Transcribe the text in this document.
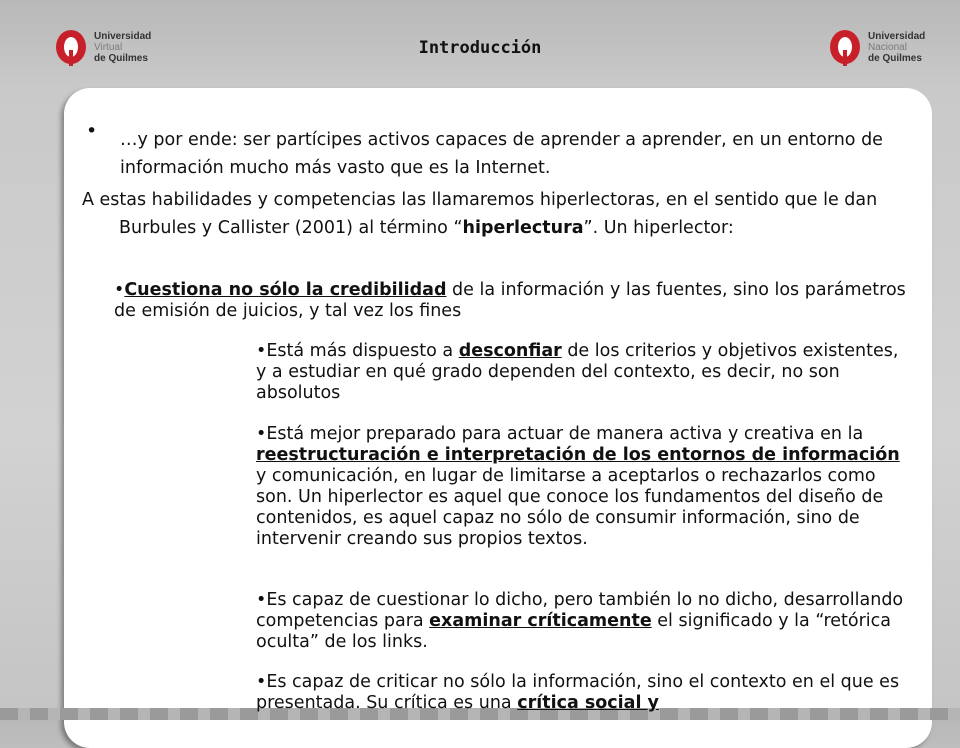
Universidad
Virtual
de Quilmes	Introducción
Universidad
Nacional
de Quilmes
• …y por ende: ser partícipes activos capaces de aprender a aprender, en un entorno de información mucho más vasto que es la Internet.
A estas habilidades y competencias las llamaremos hiperlectoras, en el sentido que le dan Burbules y Callister (2001) al término “hiperlectura”. Un hiperlector:
•Cuestiona no sólo la credibilidad de la información y las fuentes, sino los parámetros de emisión de juicios, y tal vez los fines
•Está más dispuesto a desconfiar de los criterios y objetivos existentes, y a estudiar en qué grado dependen del contexto, es decir, no son absolutos
•Está mejor preparado para actuar de manera activa y creativa en la reestructuración e interpretación de los entornos de información y comunicación, en lugar de limitarse a aceptarlos o rechazarlos como son. Un hiperlector es aquel que conoce los fundamentos del diseño de contenidos, es aquel capaz no sólo de consumir información, sino de intervenir creando sus propios textos.
•Es capaz de cuestionar lo dicho, pero también lo no dicho, desarrollando competencias para examinar críticamente el significado y la “retórica oculta” de los links.
•Es capaz de criticar no sólo la información, sino el contexto en el que es presentada. Su crítica es una crítica social y
